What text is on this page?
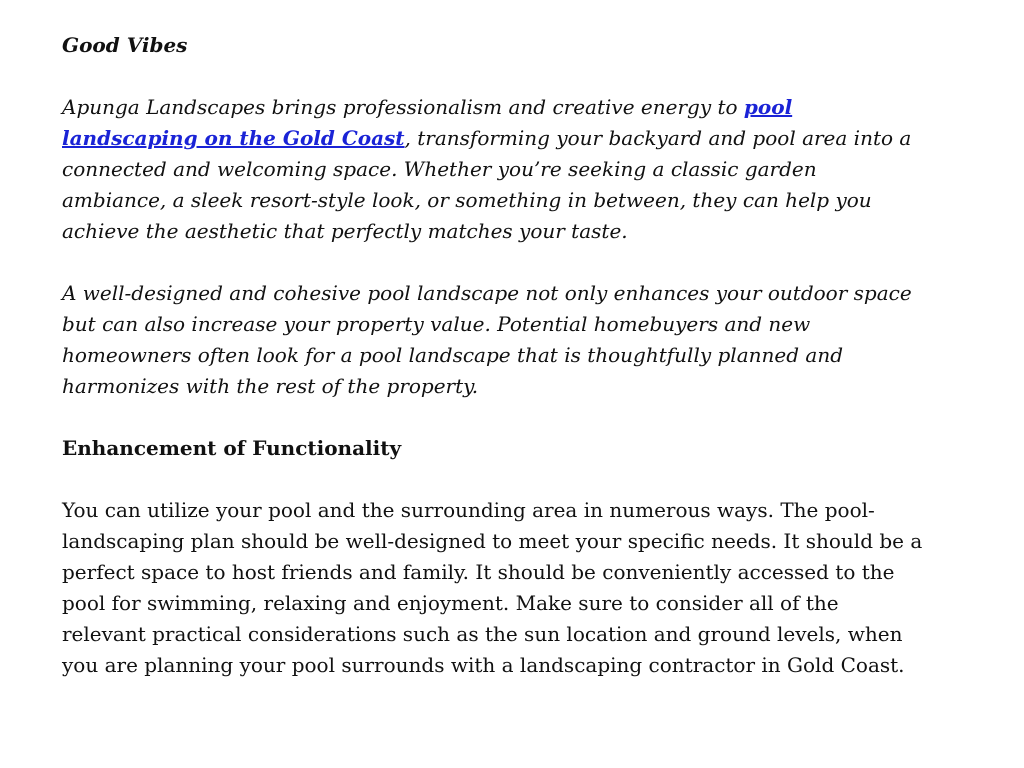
Good Vibes

Apunga Landscapes brings professionalism and creative energy to pool landscaping on the Gold Coast, transforming your backyard and pool area into a connected and welcoming space. Whether you’re seeking a classic garden ambiance, a sleek resort-style look, or something in between, they can help you achieve the aesthetic that perfectly matches your taste.

A well-designed and cohesive pool landscape not only enhances your outdoor space but can also increase your property value. Potential homebuyers and new homeowners often look for a pool landscape that is thoughtfully planned and harmonizes with the rest of the property.

Enhancement of Functionality

You can utilize your pool and the surrounding area in numerous ways. The pool-landscaping plan should be well-designed to meet your specific needs. It should be a perfect space to host friends and family. It should be conveniently accessed to the pool for swimming, relaxing and enjoyment. Make sure to consider all of the relevant practical considerations such as the sun location and ground levels, when you are planning your pool surrounds with a landscaping contractor in Gold Coast.
